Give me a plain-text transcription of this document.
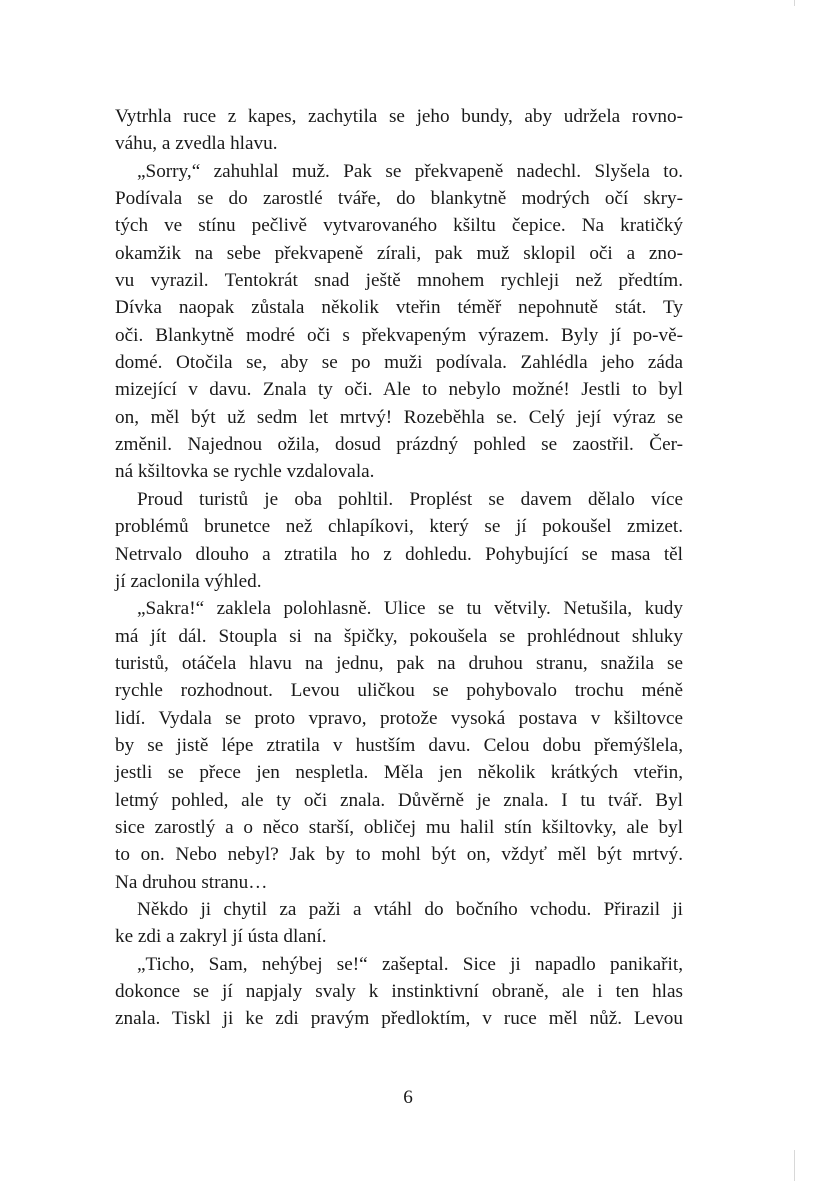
Vytrhla ruce z kapes, zachytila se jeho bundy, aby udržela rovno-
váhu, a zvedla hlavu.
„Sorry,“ zahuhlal muž. Pak se překvapeně nadechl. Slyšela to.
Podívala se do zarostlé tváře, do blankytně modrých očí skry-
tých ve stínu pečlivě vytvarovaného kšiltu čepice. Na kratičký
okamžik na sebe překvapeně zírali, pak muž sklopil oči a zno-
vu vyrazil. Tentokrát snad ještě mnohem rychleji než předtím.
Dívka naopak zůstala několik vteřin téměř nepohnutě stát. Ty
oči. Blankytně modré oči s překvapeným výrazem. Byly jí po-vě-
domé. Otočila se, aby se po muži podívala. Zahlédla jeho záda
mizející v davu. Znala ty oči. Ale to nebylo možné! Jestli to byl
on, měl být už sedm let mrtvý! Rozeběhla se. Celý její výraz se
změnil. Najednou ožila, dosud prázdný pohled se zaostřil. Čer-
ná kšiltovka se rychle vzdalovala.
Proud turistů je oba pohltil. Proplést se davem dělalo více
problémů brunetce než chlapíkovi, který se jí pokoušel zmizet.
Netrvalo dlouho a ztratila ho z dohledu. Pohybující se masa těl
jí zaclonila výhled.
„Sakra!“ zaklela polohlasně. Ulice se tu větvily. Netušila, kudy
má jít dál. Stoupla si na špičky, pokoušela se prohlédnout shluky
turistů, otáčela hlavu na jednu, pak na druhou stranu, snažila se
rychle rozhodnout. Levou uličkou se pohybovalo trochu méně
lidí. Vydala se proto vpravo, protože vysoká postava v kšiltovce
by se jistě lépe ztratila v hustším davu. Celou dobu přemýšlela,
jestli se přece jen nespletla. Měla jen několik krátkých vteřin,
letmý pohled, ale ty oči znala. Důvěrně je znala. I tu tvář. Byl
sice zarostlý a o něco starší, obličej mu halil stín kšiltovky, ale byl
to on. Nebo nebyl? Jak by to mohl být on, vždyť měl být mrtvý.
Na druhou stranu…
Někdo ji chytil za paži a vtáhl do bočního vchodu. Přirazil ji
ke zdi a zakryl jí ústa dlaní.
„Ticho, Sam, nehýbej se!“ zašeptal. Sice ji napadlo panikařit,
dokonce se jí napjaly svaly k instinktivní obraně, ale i ten hlas
znala. Tiskl ji ke zdi pravým předloktím, v ruce měl nůž. Levou
6
